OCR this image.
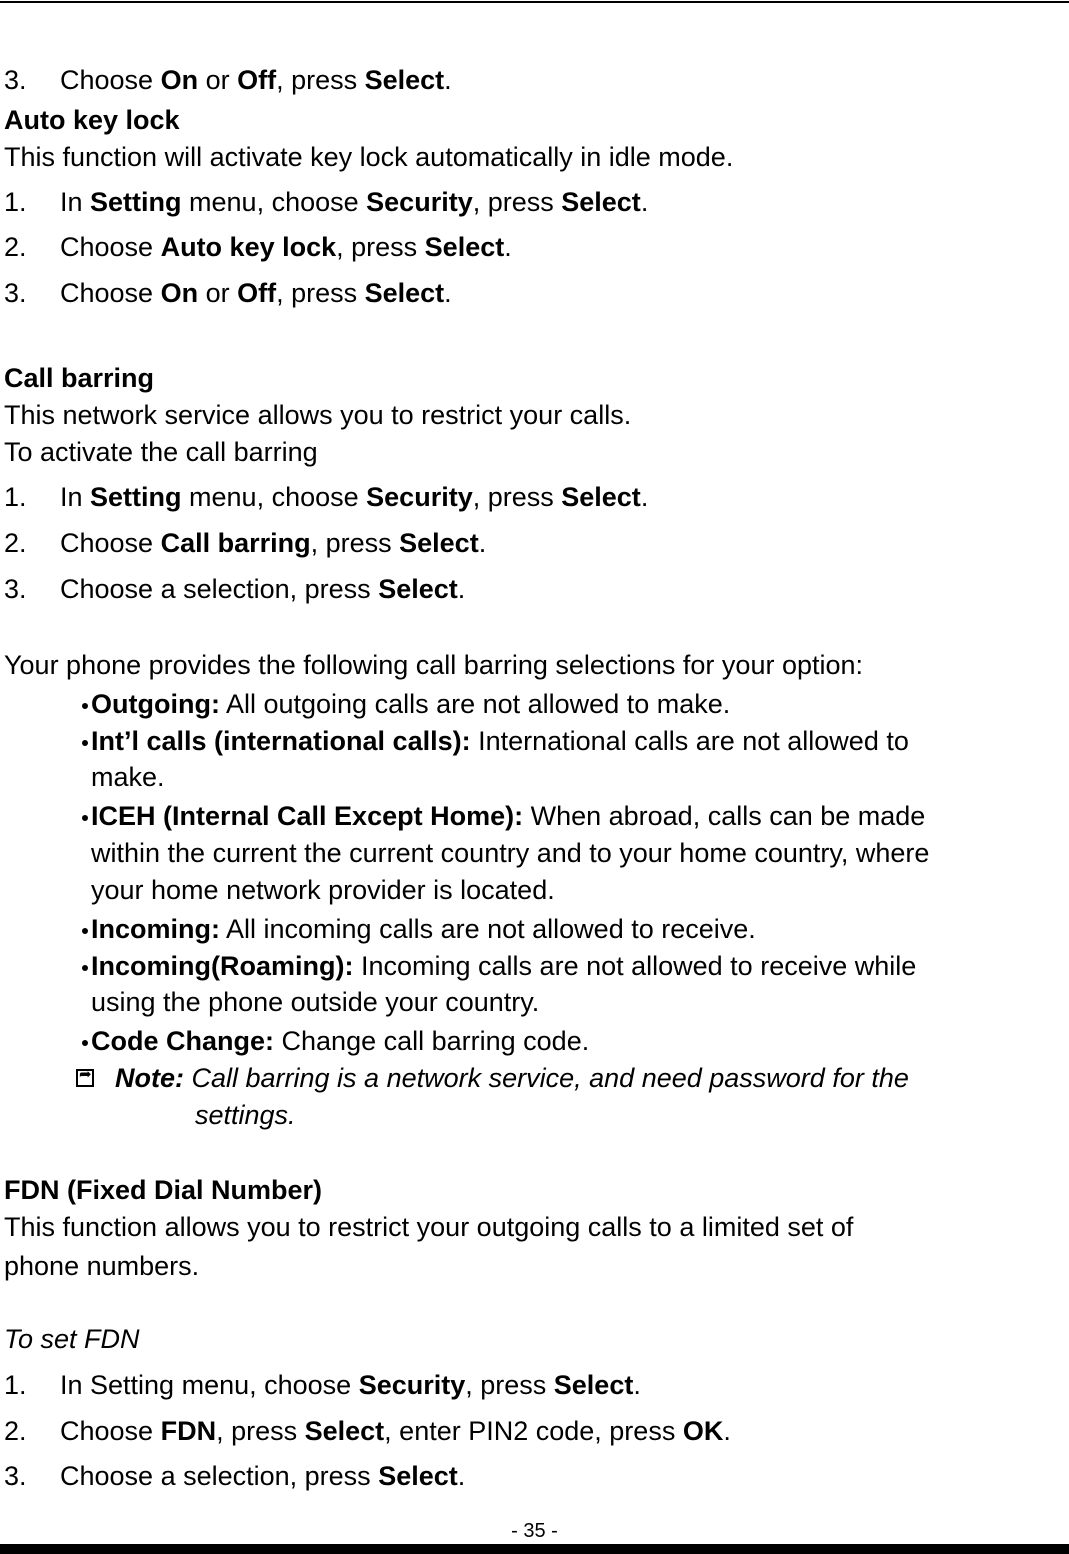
3. Choose On or Off, press Select.
Auto key lock
This function will activate key lock automatically in idle mode.
1. In Setting menu, choose Security, press Select.
2. Choose Auto key lock, press Select.
3. Choose On or Off, press Select.
Call barring
This network service allows you to restrict your calls.
To activate the call barring
1. In Setting menu, choose Security, press Select.
2. Choose Call barring, press Select.
3. Choose a selection, press Select.
Your phone provides the following call barring selections for your option:
Outgoing: All outgoing calls are not allowed to make.
Int’l calls (international calls): International calls are not allowed to
make.
ICEH (Internal Call Except Home): When abroad, calls can be made
within the current the current country and to your home country, where
your home network provider is located.
Incoming: All incoming calls are not allowed to receive.
Incoming(Roaming): Incoming calls are not allowed to receive while
using the phone outside your country.
Code Change: Change call barring code.
➦
Note: Call barring is a network service, and need password for the
settings.
FDN (Fixed Dial Number)
This function allows you to restrict your outgoing calls to a limited set of
phone numbers.
To set FDN
1. In Setting menu, choose Security, press Select.
2. Choose FDN, press Select, enter PIN2 code, press OK.
3. Choose a selection, press Select.
- 35 -
